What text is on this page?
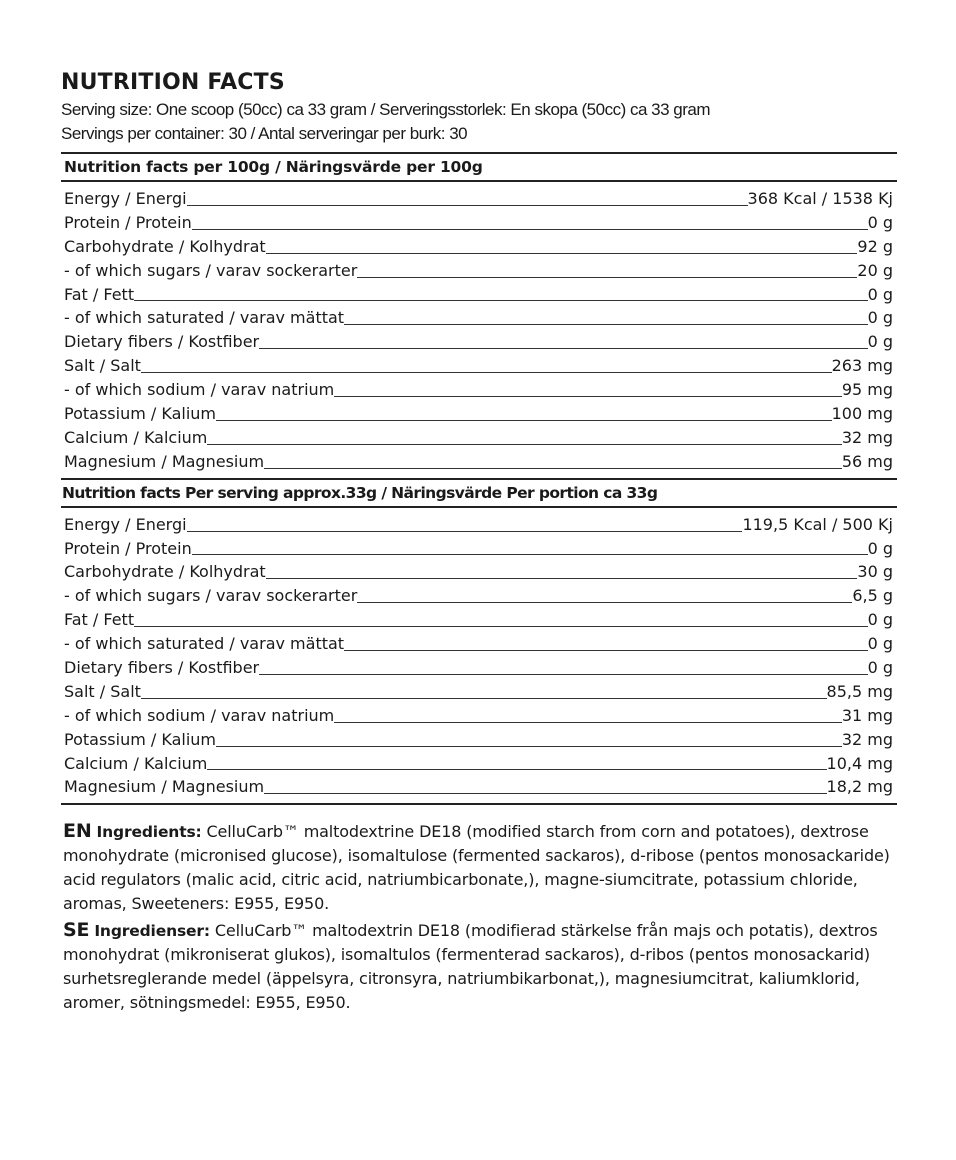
NUTRITION FACTS
Serving size: One scoop (50cc) ca 33 gram / Serveringsstorlek: En skopa (50cc) ca 33 gram
Servings per container: 30 / Antal serveringar per burk: 30
Nutrition facts per 100g / Näringsvärde per 100g
Energy / Energi	368 Kcal / 1538 Kj
Protein / Protein	0 g
Carbohydrate / Kolhydrat	92 g
- of which sugars / varav sockerarter	20 g
Fat / Fett	0 g
- of which saturated / varav mättat	0 g
Dietary fibers / Kostfiber	0 g
Salt / Salt	263 mg
- of which sodium / varav natrium	95 mg
Potassium / Kalium	100 mg
Calcium / Kalcium	32 mg
Magnesium / Magnesium	56 mg
Nutrition facts Per serving approx.33g / Näringsvärde Per portion ca 33g
Energy / Energi	119,5 Kcal / 500 Kj
Protein / Protein	0 g
Carbohydrate / Kolhydrat	30 g
- of which sugars / varav sockerarter	6,5 g
Fat / Fett	0 g
- of which saturated / varav mättat	0 g
Dietary fibers / Kostfiber	0 g
Salt / Salt	85,5 mg
- of which sodium / varav natrium	31 mg
Potassium / Kalium	32 mg
Calcium / Kalcium	10,4 mg
Magnesium / Magnesium	18,2 mg
EN Ingredients: CelluCarb™ maltodextrine DE18 (modified starch from corn and potatoes), dextrose monohydrate (micronised glucose), isomaltulose (fermented sackaros), d-ribose (pentos monosackaride) acid regulators (malic acid, citric acid, natriumbicarbonate,), magne-siumcitrate, potassium chloride, aromas, Sweeteners: E955, E950.
SE Ingredienser: CelluCarb™ maltodextrin DE18 (modifierad stärkelse från majs och potatis), dextros monohydrat (mikroniserat glukos), isomaltulos (fermenterad sackaros), d-ribos (pentos monosackarid) surhetsreglerande medel (äppelsyra, citronsyra, natriumbikarbonat,), magnesiumcitrat, kaliumklorid, aromer, sötningsmedel: E955, E950.
